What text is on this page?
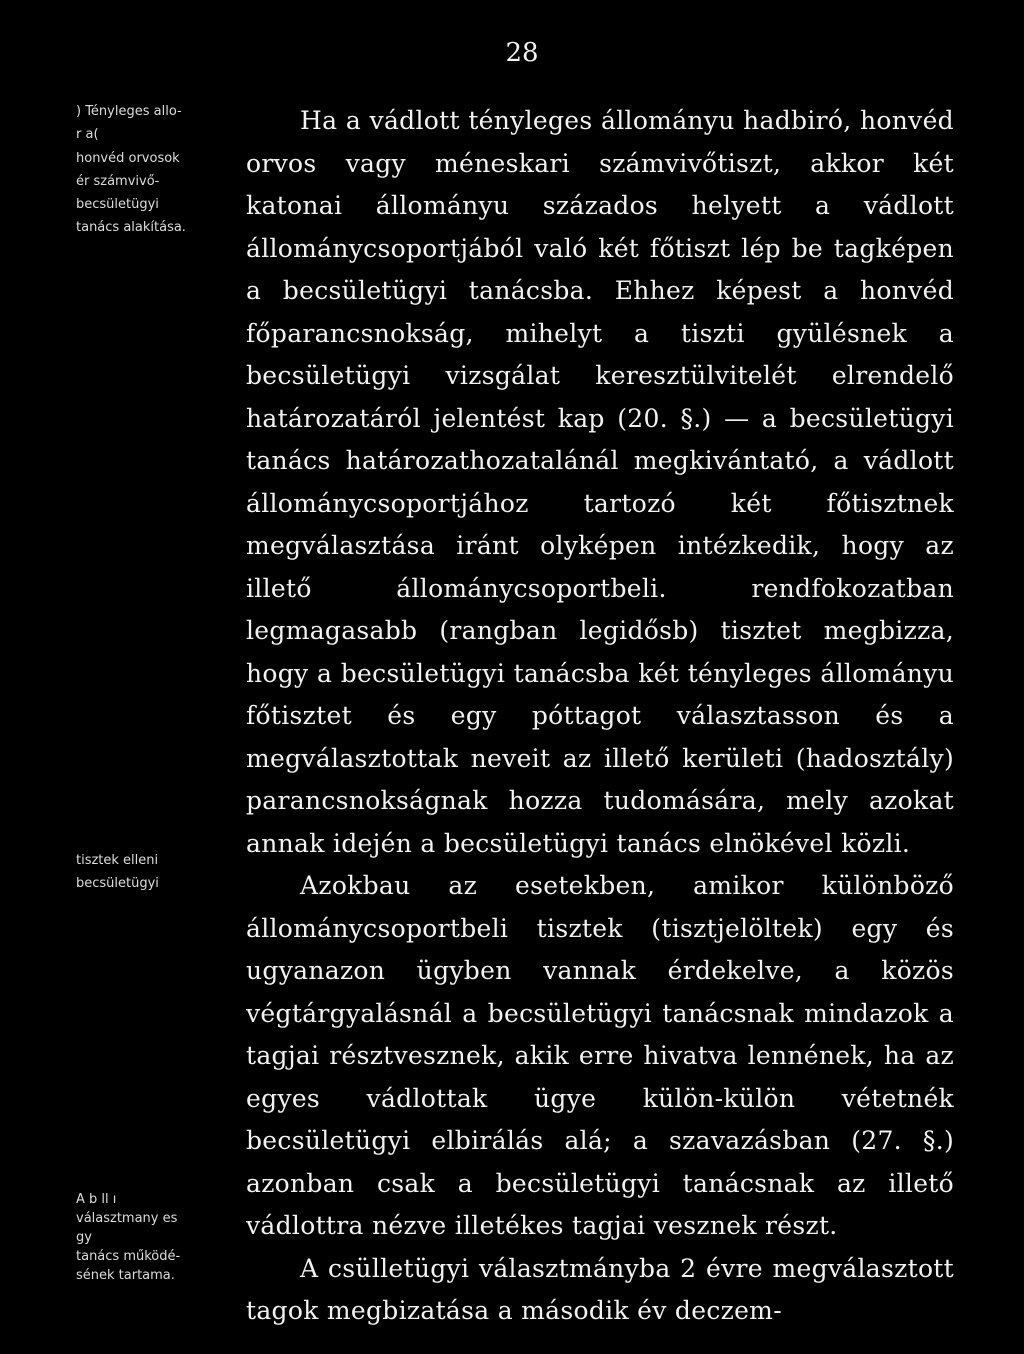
28
) Tényleges allo-
r a(
honvéd orvosok
ér számvivő-
becsületügyi
tanács alakítása.
tisztek elleni
becsületügyi
A b ll ı
választmany es
gy
tanács működé-
sének tartama.

Ha a vádlott tényleges állományu hadbiró, honvéd orvos vagy méneskari számvivőtiszt, akkor két katonai állományu százados helyett a vádlott állománycsoportjából való két főtiszt lép be tagképen a becsületügyi tanácsba. Ehhez képest a honvéd főparancsnokság, mihelyt a tiszti gyülésnek a becsületügyi vizsgálat keresztülvitelét elrendelő határozatáról jelentést kap (20. §.) — a becsületügyi tanács határozathozatalánál megkivántató, a vádlott állománycsoportjához tartozó két főtisztnek megválasztása iránt olyképen intézkedik, hogy az illető állománycsoportbeli. rendfokozatban legmagasabb (rangban legidősb) tisztet megbizza, hogy a becsületügyi tanácsba két tényleges állományu főtisztet és egy póttagot választasson és a megválasztottak neveit az illető kerületi (hadosztály) parancsnokságnak hozza tudomására, mely azokat annak idején a becsületügyi tanács elnökével közli.

Azokbau az esetekben, amikor különböző állománycsoportbeli tisztek (tisztjelöltek) egy és ugyanazon ügyben vannak érdekelve, a közös végtárgyalásnál a becsületügyi tanácsnak mindazok a tagjai résztvesznek, akik erre hivatva lennének, ha az egyes vádlottak ügye külön-külön vétetnék becsületügyi elbirálás alá; a szavazásban (27. §.) azonban csak a becsületügyi tanácsnak az illető vádlottra nézve illetékes tagjai vesznek részt.

A csülletügyi választmányba 2 évre megválasztott tagok megbizatása a második év deczem-
